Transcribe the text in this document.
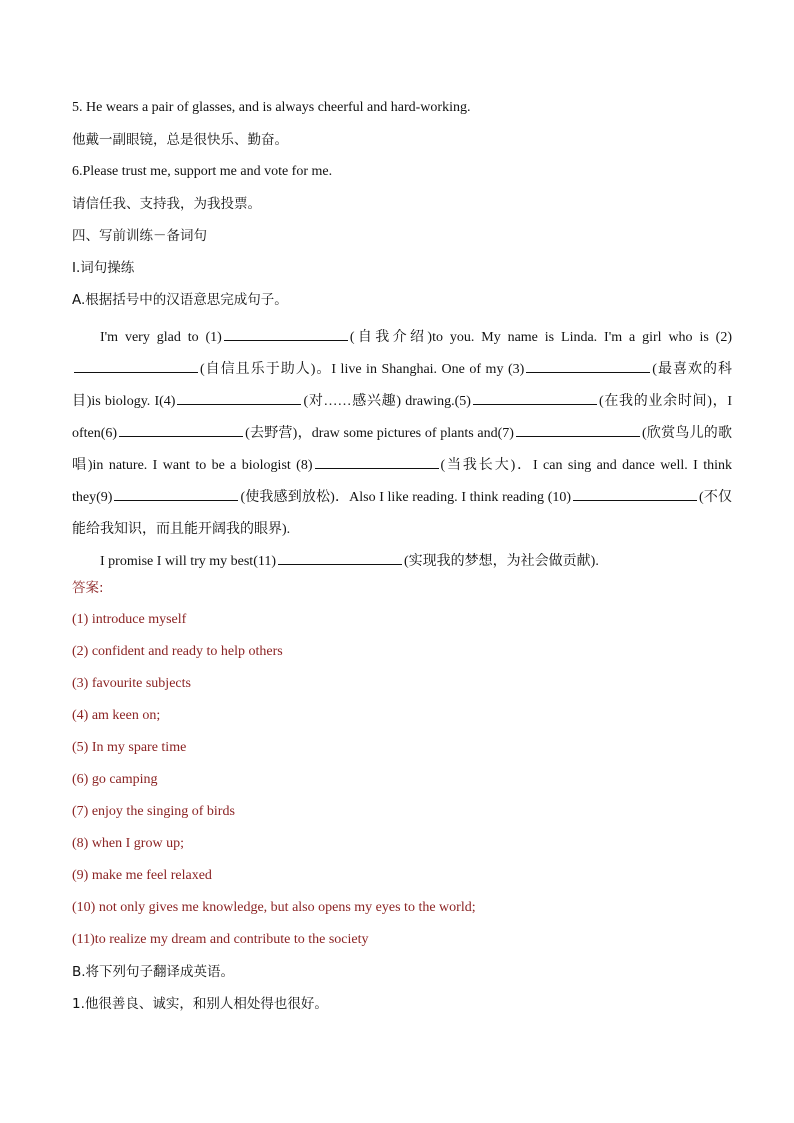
5. He wears a pair of glasses, and is always cheerful and hard-working.
他戴一副眼镜，总是很快乐、勤奋。
6.Please trust me, support me and vote for me.
请信任我、支持我，为我投票。
四、写前训练－备词句
I.词句操练
A.根据括号中的汉语意思完成句子。

I'm very glad to (1)	(自我介绍)to you. My name is Linda. I'm a girl who is (2)(自信且乐于助人)。I live in Shanghai. One of my (3)	(最喜欢的科目)is biology. I(4)	(对……感兴趣) drawing.(5)	(在我的业余时间)，I often(6)	(去野营)，draw some pictures of plants and(7)	(欣赏鸟儿的歌唱)in nature. I want to be a biologist (8)	(当我长大)．I can sing and dance well. I think they(9)	(使我感到放松)．Also I like reading. I think reading (10)	(不仅能给我知识，而且能开阔我的眼界).

I promise I will try my best(11)	(实现我的梦想，为社会做贡献).

答案:
(1) introduce myself
(2) confident and ready to help others
(3) favourite subjects
(4) am keen on;
(5) In my spare time
(6) go camping
(7) enjoy the singing of birds
(8) when I grow up;
(9) make me feel relaxed
(10) not only gives me knowledge, but also opens my eyes to the world;
(11)to realize my dream and contribute to the society
B.将下列句子翻译成英语。
1.他很善良、诚实，和别人相处得也很好。
